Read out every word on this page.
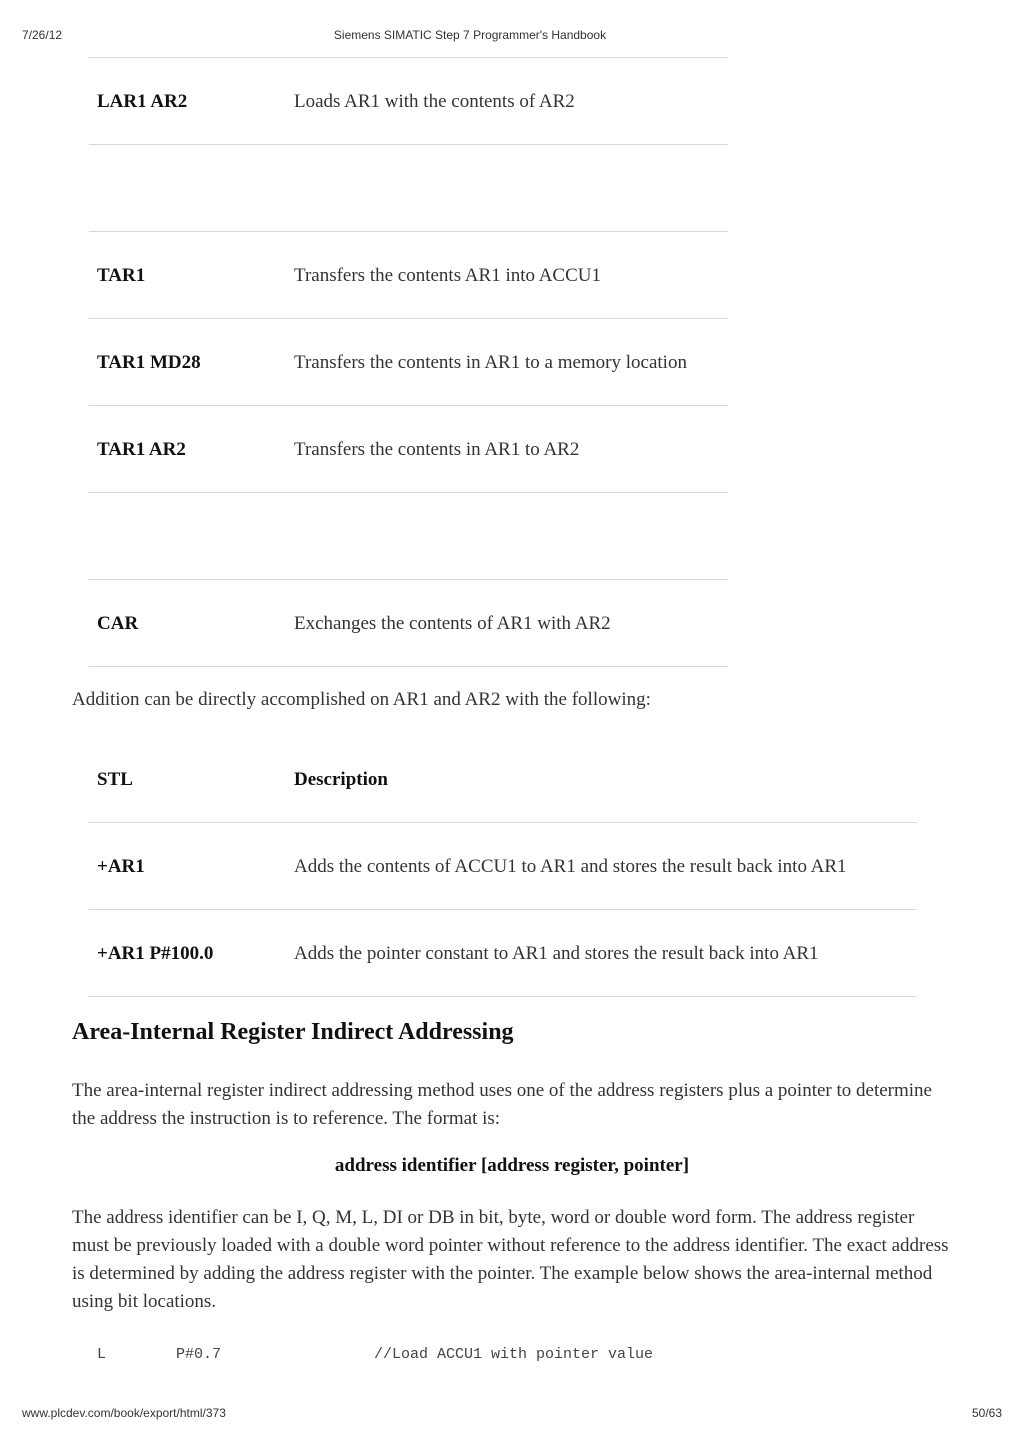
7/26/12	Siemens SIMATIC Step 7 Programmer's Handbook
LAR1 AR2	Loads AR1 with the contents of AR2
TAR1	Transfers the contents AR1 into ACCU1
TAR1 MD28	Transfers the contents in AR1 to a memory location
TAR1 AR2	Transfers the contents in AR1 to AR2
CAR	Exchanges the contents of AR1 with AR2
Addition can be directly accomplished on AR1 and AR2 with the following:
STL	Description
+AR1	Adds the contents of ACCU1 to AR1 and stores the result back into AR1
+AR1 P#100.0	Adds the pointer constant to AR1 and stores the result back into AR1
Area-Internal Register Indirect Addressing
The area-internal register indirect addressing method uses one of the address registers plus a pointer to determine the address the instruction is to reference. The format is:
address identifier [address register, pointer]
The address identifier can be I, Q, M, L, DI or DB in bit, byte, word or double word form. The address register must be previously loaded with a double word pointer without reference to the address identifier. The exact address is determined by adding the address register with the pointer. The example below shows the area-internal method using bit locations.
L	P#0.7	//Load ACCU1 with pointer value
www.plcdev.com/book/export/html/373	50/63
